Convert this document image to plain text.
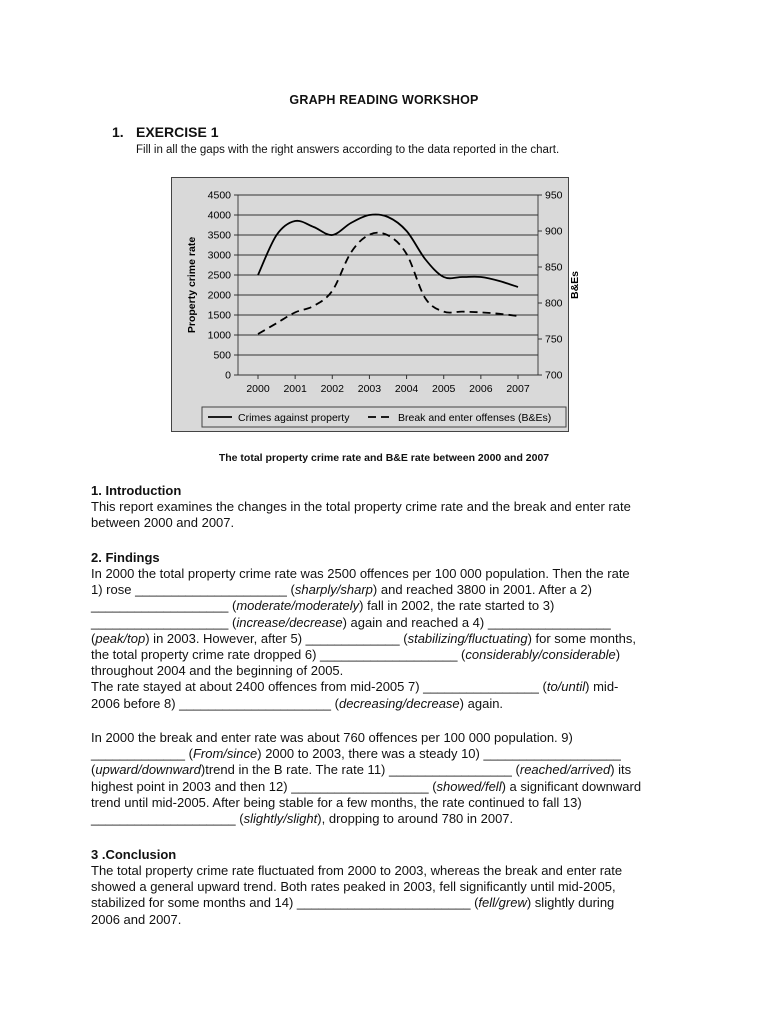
GRAPH READING WORKSHOP
1. EXERCISE 1
Fill in all the gaps with the right answers according to the data reported in the chart.
0
500
1000
1500
2000
2500
3000
3500
4000
4500
700
750
800
850
900
950
2000 2001 2002 2003 2004 2005 2006 2007
Property crime rate	B&Es
Crimes against property	Break and enter offenses (B&Es)
The total property crime rate and B&E rate between 2000 and 2007
1. Introduction
This report examines the changes in the total property crime rate and the break and enter rate
between 2000 and 2007.
2. Findings
In 2000 the total property crime rate was 2500 offences per 100 000 population. Then the rate
1) rose _____________________ (sharply/sharp) and reached 3800 in 2001. After a 2)
___________________ (moderate/moderately) fall in 2002, the rate started to 3)
___________________ (increase/decrease) again and reached a 4) _________________
(peak/top) in 2003. However, after 5) _____________ (stabilizing/fluctuating) for some months,
the total property crime rate dropped 6) ___________________ (considerably/considerable)
throughout 2004 and the beginning of 2005.
The rate stayed at about 2400 offences from mid-2005 7) ________________ (to/until) mid-
2006 before 8) _____________________ (decreasing/decrease) again.
In 2000 the break and enter rate was about 760 offences per 100 000 population. 9)
_____________ (From/since) 2000 to 2003, there was a steady 10) ___________________
(upward/downward)trend in the B rate. The rate 11) _________________ (reached/arrived) its
highest point in 2003 and then 12) ___________________ (showed/fell) a significant downward
trend until mid-2005. After being stable for a few months, the rate continued to fall 13)
____________________ (slightly/slight), dropping to around 780 in 2007.
3 .Conclusion
The total property crime rate fluctuated from 2000 to 2003, whereas the break and enter rate
showed a general upward trend. Both rates peaked in 2003, fell significantly until mid-2005,
stabilized for some months and 14) ________________________ (fell/grew) slightly during
2006 and 2007.
